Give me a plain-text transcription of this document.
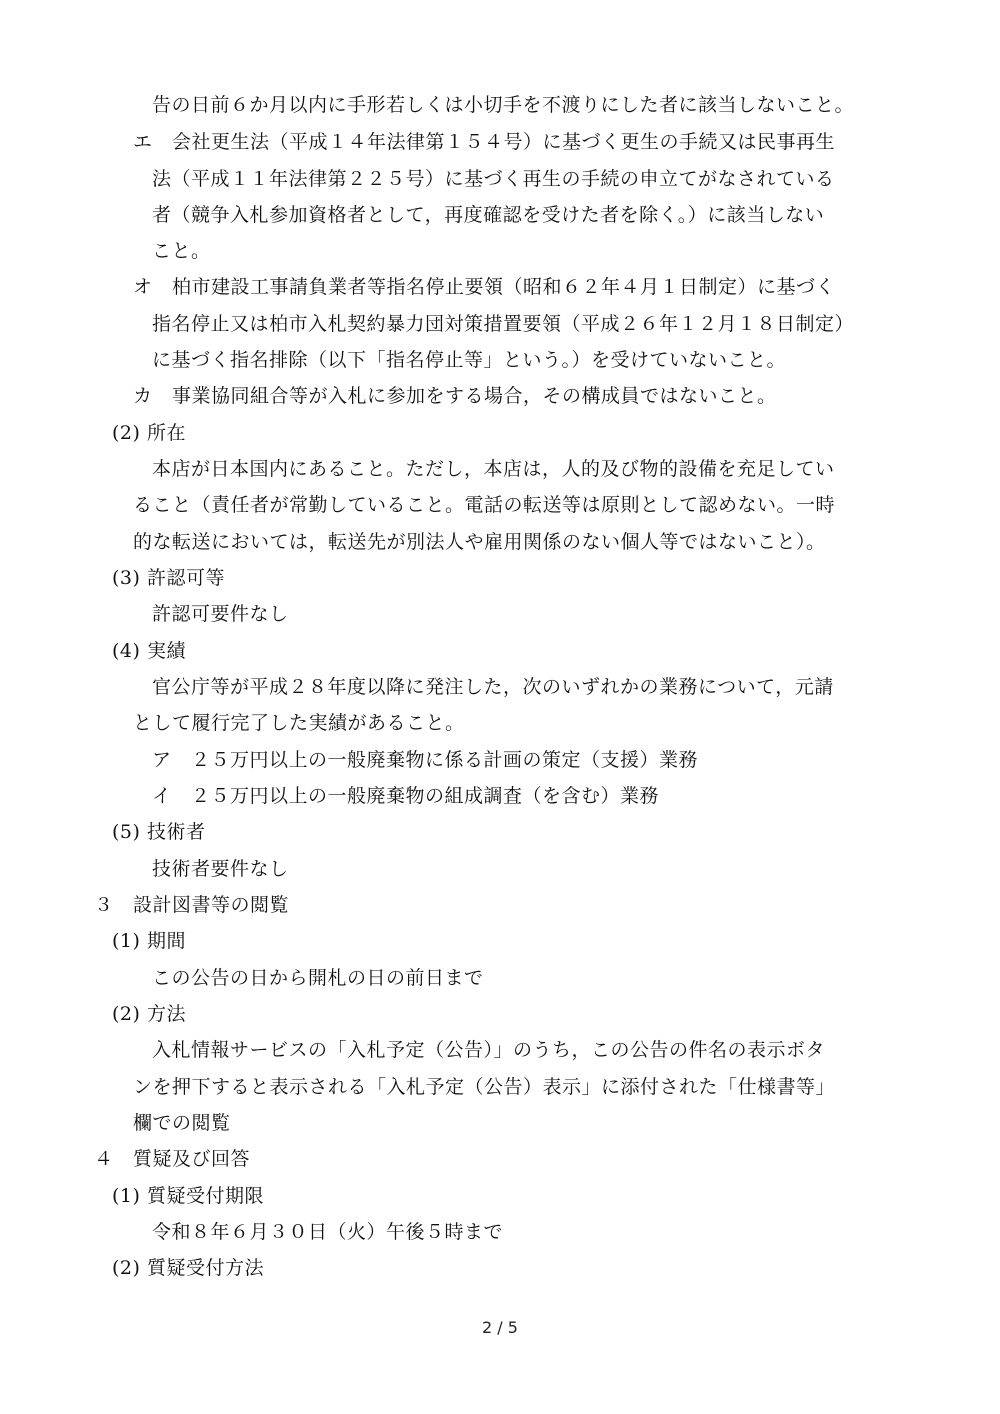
告の日前６か月以内に手形若しくは小切手を不渡りにした者に該当しないこと。
エ　会社更生法（平成１４年法律第１５４号）に基づく更生の手続又は民事再生
法（平成１１年法律第２２５号）に基づく再生の手続の申立てがなされている
者（競争入札参加資格者として，再度確認を受けた者を除く。）に該当しない
こと。
オ　柏市建設工事請負業者等指名停止要領（昭和６２年４月１日制定）に基づく
指名停止又は柏市入札契約暴力団対策措置要領（平成２６年１２月１８日制定）
に基づく指名排除（以下「指名停止等」という。）を受けていないこと。
カ　事業協同組合等が入札に参加をする場合，その構成員ではないこと。
(2) 所在
本店が日本国内にあること。ただし，本店は，人的及び物的設備を充足してい
ること（責任者が常勤していること。電話の転送等は原則として認めない。一時
的な転送においては，転送先が別法人や雇用関係のない個人等ではないこと）。
(3) 許認可等
許認可要件なし
(4) 実績
官公庁等が平成２８年度以降に発注した，次のいずれかの業務について，元請
として履行完了した実績があること。
ア　２５万円以上の一般廃棄物に係る計画の策定（支援）業務
イ　２５万円以上の一般廃棄物の組成調査（を含む）業務
(5) 技術者
技術者要件なし
３　設計図書等の閲覧
(1) 期間
この公告の日から開札の日の前日まで
(2) 方法
入札情報サービスの「入札予定（公告）」のうち，この公告の件名の表示ボタ
ンを押下すると表示される「入札予定（公告）表示」に添付された「仕様書等」
欄での閲覧
４　質疑及び回答
(1) 質疑受付期限
令和８年６月３０日（火）午後５時まで
(2) 質疑受付方法
2 / 5
